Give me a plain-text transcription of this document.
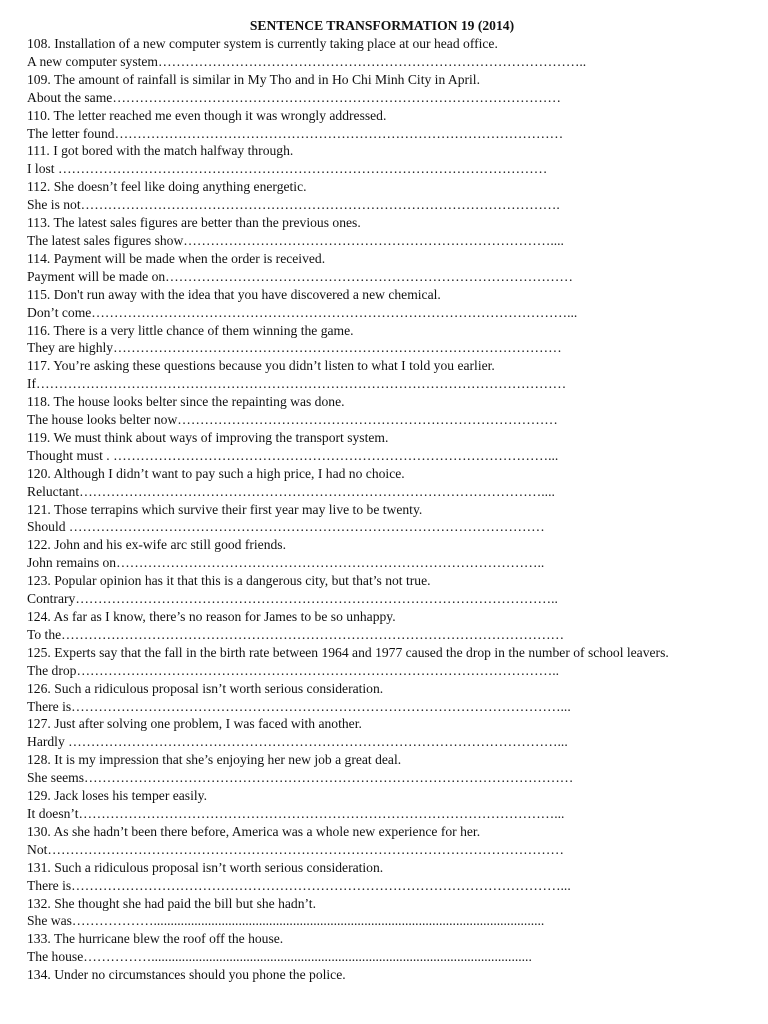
SENTENCE TRANSFORMATION 19 (2014)
108. Installation of a new computer system is currently taking place at our head office.
A new computer system…………………………………………………………………………………..
109. The amount of rainfall is similar in My Tho and in Ho Chi Minh City in April.
About the same………………………………………………………………………………………
110. The letter reached me even though it was wrongly addressed.
The letter found………………………………………………………………………………………
111. I got bored with the match halfway through.
I lost ………………………………………………………………………………………………
112. She doesn’t feel like doing anything energetic.
She is not…………………………………………………………………………………………….
113. The latest sales figures are better than the previous ones.
The latest sales figures show………………………………………………………………………....
114. Payment will be made when the order is received.
Payment will be made on………………………………………………………………………………
115. Don't run away with the idea that you have discovered a new chemical.
Don’t come……………………………………………………………………………………………...
116. There is a very little chance of them winning the game.
They are highly………………………………………………………………………………………
117. You’re asking these questions because you didn’t listen to what I told you earlier.
If………………………………………………………………………………………………………
118. The house looks belter since the repainting was done.
The house looks belter now…………………………………………………………………………
119. We must think about ways of improving the transport system.
Thought must . ……………………………………………………………………………………...
120. Although I didn’t want to pay such a high price, I had no choice.
Reluctant…………………………………………………………………………………………....
121. Those terrapins which survive their first year may live to be twenty.
Should ……………………………………………………………………………………………
122. John and his ex-wife arc still good friends.
John remains on…………………………………………………………………………………..
123. Popular opinion has it that this is a dangerous city, but that’s not true.
Contrary……………………………………………………………………………………………..
124. As far as I know, there’s no reason for James to be so unhappy.
To the…………………………………………………………………………………………………
125. Experts say that the fall in the birth rate between 1964 and 1977 caused the drop in the number of school leavers.
The drop……………………………………………………………………………………………..
126. Such a ridiculous proposal isn’t worth serious consideration.
There is………………………………………………………………………………………………...
127. Just after solving one problem, I was faced with another.
Hardly ………………………………………………………………………………………………...
128. It is my impression that she’s enjoying her new job a great deal.
She seems………………………………………………………………………………………………
129. Jack loses his temper easily.
It doesn’t……………………………………………………………………………………………...
130. As she hadn’t been there before, America was a whole new experience for her.
Not……………………………………………………………………………………………………
131. Such a ridiculous proposal isn’t worth serious consideration.
There is………………………………………………………………………………………………...
132. She thought she had paid the bill but she hadn’t.
She was………………...................................................................................................................
133. The hurricane blew the roof off the house.
The house……………................................................................................................................
134. Under no circumstances should you phone the police.
